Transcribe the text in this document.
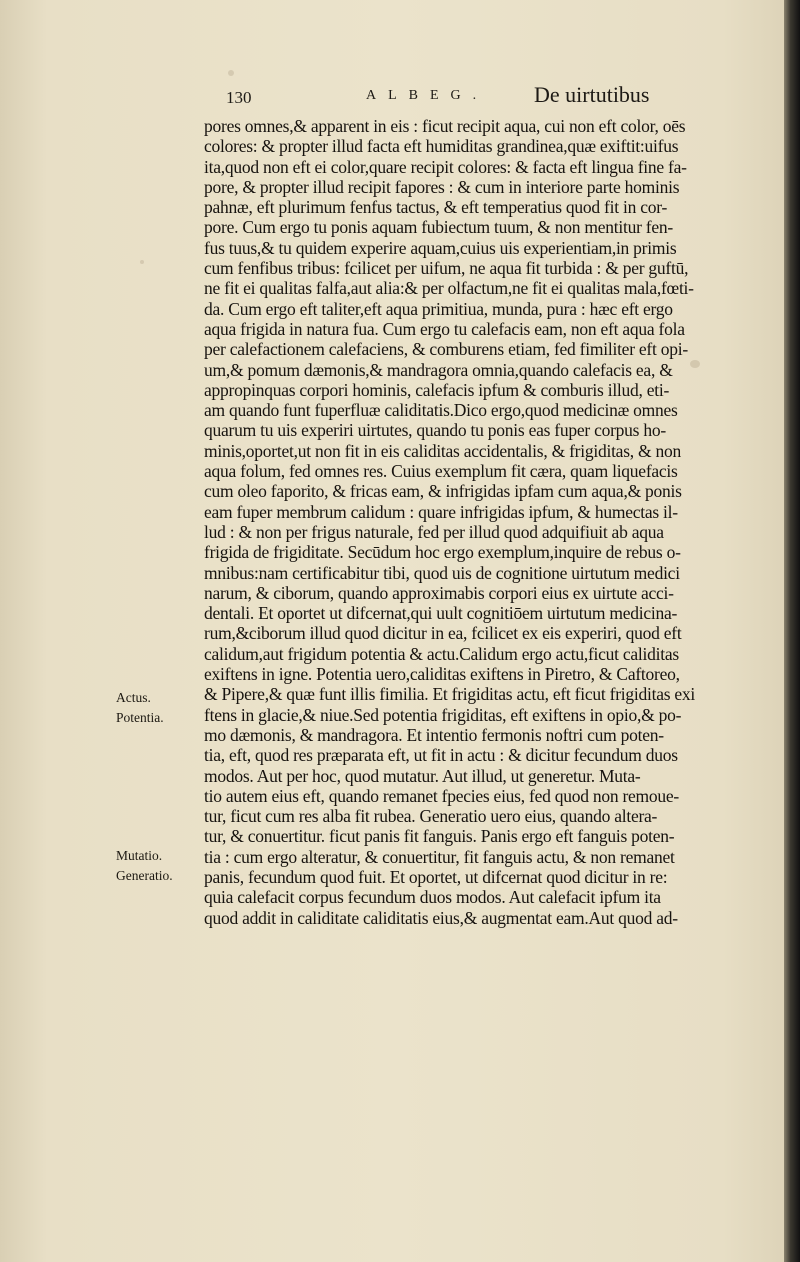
130	ALBEG. De uirtutibus
Actus.
Potentia.
Mutatio.
Generatio.
pores omnes,& apparent in eis : ficut recipit aqua, cui non eft color, oēs
colores: & propter illud facta eft humiditas grandinea,quæ exiftit:uifus
ita,quod non eft ei color,quare recipit colores: & facta eft lingua fine fa-
pore, & propter illud recipit fapores : & cum in interiore parte hominis
pahnæ, eft plurimum fenfus tactus, & eft temperatius quod fit in cor-
pore. Cum ergo tu ponis aquam fubiectum tuum, & non mentitur fen-
fus tuus,& tu quidem experire aquam,cuius uis experientiam,in primis
cum fenfibus tribus: fcilicet per uifum, ne aqua fit turbida : & per guftū,
ne fit ei qualitas falfa,aut alia:& per olfactum,ne fit ei qualitas mala,fœti-
da. Cum ergo eft taliter,eft aqua primitiua, munda, pura : hæc eft ergo
aqua frigida in natura fua. Cum ergo tu calefacis eam, non eft aqua fola
per calefactionem calefaciens, & comburens etiam, fed fimiliter eft opi-
um,& pomum dæmonis,& mandragora omnia,quando calefacis ea, &
appropinquas corpori hominis, calefacis ipfum & comburis illud, eti-
am quando funt fuperfluæ caliditatis.Dico ergo,quod medicinæ omnes
quarum tu uis experiri uirtutes, quando tu ponis eas fuper corpus ho-
minis,oportet,ut non fit in eis caliditas accidentalis, & frigiditas, & non
aqua folum, fed omnes res. Cuius exemplum fit cæra, quam liquefacis
cum oleo faporito, & fricas eam, & infrigidas ipfam cum aqua,& ponis
eam fuper membrum calidum : quare infrigidas ipfum, & humectas il-
lud : & non per frigus naturale, fed per illud quod adquifiuit ab aqua
frigida de frigiditate. Secūdum hoc ergo exemplum,inquire de rebus o-
mnibus:nam certificabitur tibi, quod uis de cognitione uirtutum medici
narum, & ciborum, quando approximabis corpori eius ex uirtute acci-
dentali. Et oportet ut difcernat,qui uult cognitiōem uirtutum medicina-
rum,&ciborum illud quod dicitur in ea, fcilicet ex eis experiri, quod eft
calidum,aut frigidum potentia & actu.Calidum ergo actu,ficut caliditas
exiftens in igne. Potentia uero,caliditas exiftens in Piretro, & Caftoreo,
& Pipere,& quæ funt illis fimilia. Et frigiditas actu, eft ficut frigiditas exi
ftens in glacie,& niue.Sed potentia frigiditas, eft exiftens in opio,& po-
mo dæmonis, & mandragora. Et intentio fermonis noftri cum poten-
tia, eft, quod res præparata eft, ut fit in actu : & dicitur fecundum duos
modos. Aut per hoc, quod mutatur. Aut illud, ut generetur. Muta-
tio autem eius eft, quando remanet fpecies eius, fed quod non remoue-
tur, ficut cum res alba fit rubea. Generatio uero eius, quando altera-
tur, & conuertitur. ficut panis fit fanguis. Panis ergo eft fanguis poten-
tia : cum ergo alteratur, & conuertitur, fit fanguis actu, & non remanet
panis, fecundum quod fuit. Et oportet, ut difcernat quod dicitur in re:
quia calefacit corpus fecundum duos modos. Aut calefacit ipfum ita
quod addit in caliditate caliditatis eius,& augmentat eam.Aut quod ad-
